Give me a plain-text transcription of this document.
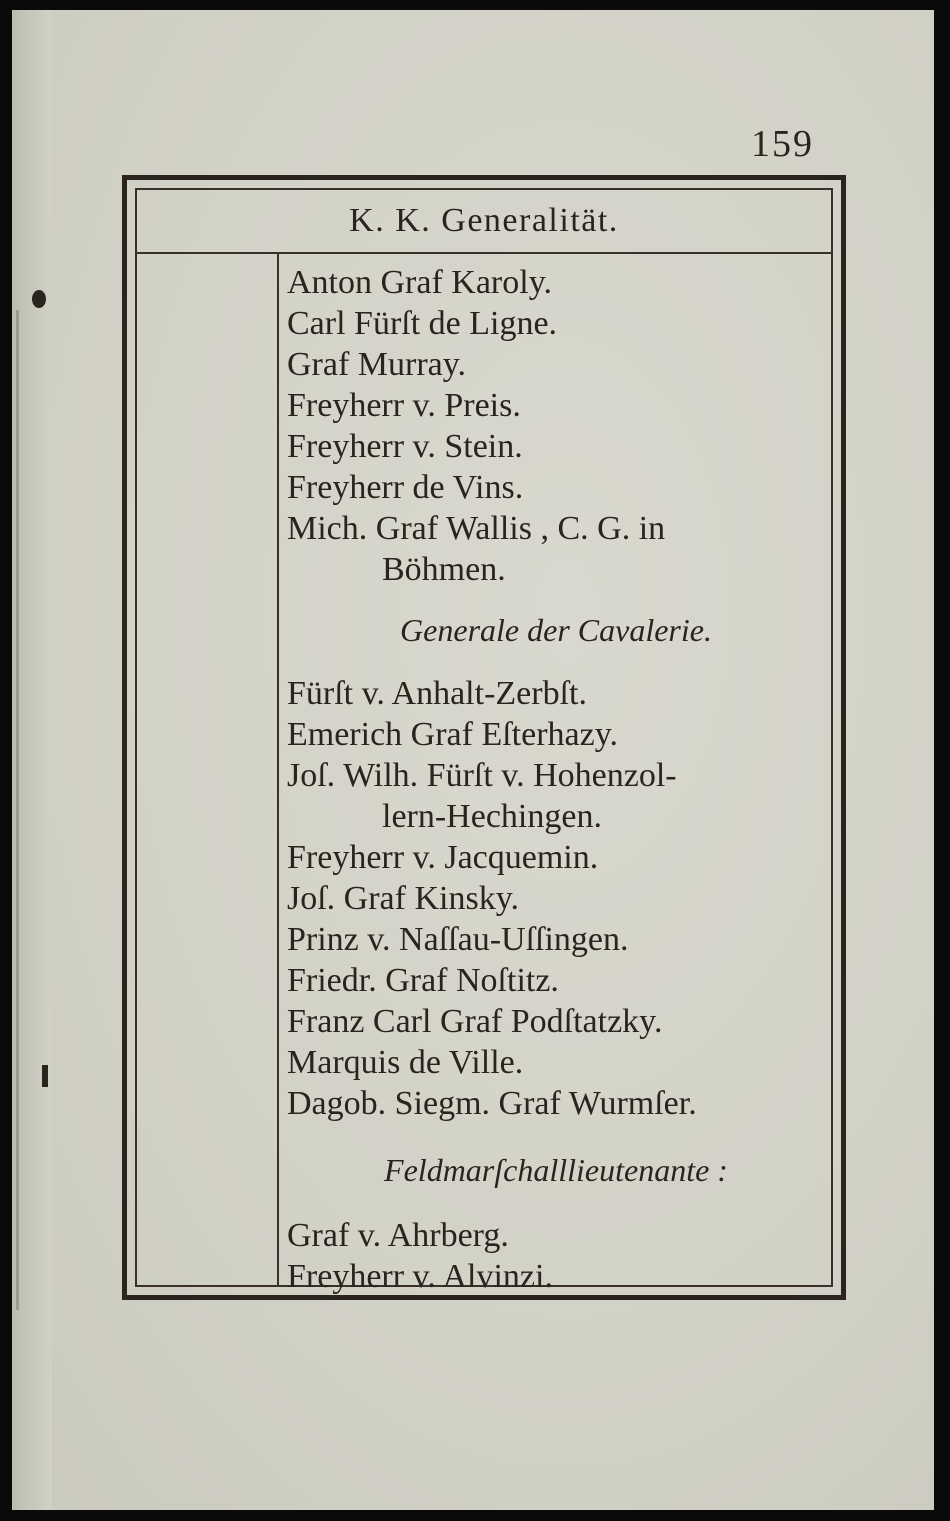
159
K. K. Generalität.
Anton Graf Karoly.
Carl Fürſt de Ligne.
Graf Murray.
Freyherr v. Preis.
Freyherr v. Stein.
Freyherr de Vins.
Mich. Graf Wallis , C. G. in
Böhmen.
Generale der Cavalerie.
Fürſt v. Anhalt-Zerbſt.
Emerich Graf Eſterhazy.
Joſ. Wilh. Fürſt v. Hohenzol-
lern-Hechingen.
Freyherr v. Jacquemin.
Joſ. Graf Kinsky.
Prinz v. Naſſau-Uſſingen.
Friedr. Graf Noſtitz.
Franz Carl Graf Podſtatzky.
Marquis de Ville.
Dagob. Siegm. Graf Wurmſer.
Feldmarſchalllieutenante :
Graf v. Ahrberg.
Freyherr v. Alvinzi.
